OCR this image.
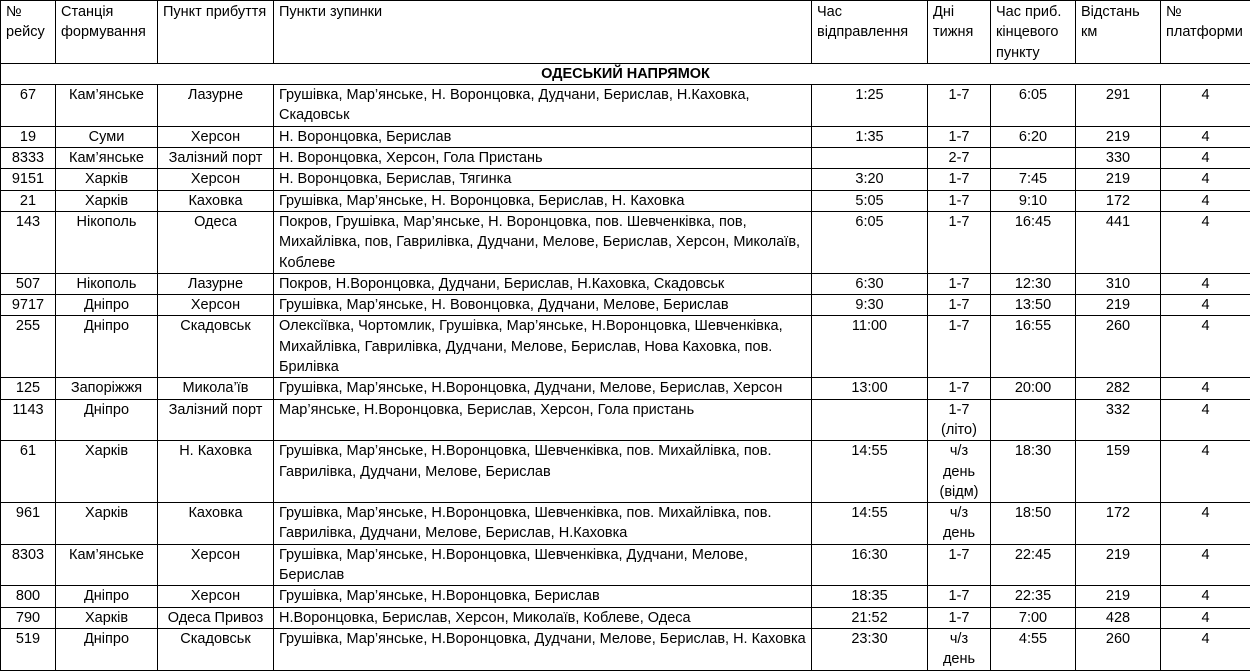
№ рейсу	Станція формування	Пункт прибуття	Пункти зупинки	Час відправлення	Дні тижня	Час приб. кінцевого пункту	Відстань км	№ платформи
ОДЕСЬКИЙ НАПРЯМОК								
67	Кам’янське	Лазурне	Грушівка, Мар’янське, Н. Воронцовка, Дудчани, Берислав, Н.Каховка, Скадовськ	1:25	1-7	6:05	291	4
19	Суми	Херсон	Н. Воронцовка, Берислав	1:35	1-7	6:20	219	4
8333	Кам’янське	Залізний порт	Н. Воронцовка, Херсон, Гола Пристань		2-7		330	4
9151	Харків	Херсон	Н. Воронцовка, Берислав, Тягинка	3:20	1-7	7:45	219	4
21	Харків	Каховка	Грушівка, Мар’янське, Н. Воронцовка, Берислав, Н. Каховка	5:05	1-7	9:10	172	4
143	Нікополь	Одеса	Покров, Грушівка, Мар’янське, Н. Воронцовка, пов. Шевченківка, пов, Михайлівка, пов, Гаврилівка, Дудчани, Мелове, Берислав, Херсон, Миколаїв, Коблеве	6:05	1-7	16:45	441	4
507	Нікополь	Лазурне	Покров, Н.Воронцовка, Дудчани, Берислав, Н.Каховка, Скадовськ	6:30	1-7	12:30	310	4
9717	Дніпро	Херсон	Грушівка, Мар’янське, Н. Вовонцовка, Дудчани, Мелове, Берислав	9:30	1-7	13:50	219	4
255	Дніпро	Скадовськ	Олексіївка, Чортомлик, Грушівка, Мар’янське, Н.Воронцовка, Шевченківка, Михайлівка, Гаврилівка, Дудчани, Мелове, Берислав, Нова Каховка, пов. Брилівка	11:00	1-7	16:55	260	4
125	Запоріжжя	Микола’їв	Грушівка, Мар’янське, Н.Воронцовка, Дудчани, Мелове, Берислав, Херсон	13:00	1-7	20:00	282	4
1143	Дніпро	Залізний порт	Мар’янське, Н.Воронцовка, Берислав, Херсон, Гола пристань		1-7 (літо)		332	4
61	Харків	Н. Каховка	Грушівка, Мар’янське, Н.Воронцовка, Шевченківка, пов. Михайлівка, пов. Гаврилівка, Дудчани, Мелове, Берислав	14:55	ч/з день (відм)	18:30	159	4
961	Харків	Каховка	Грушівка, Мар’янське, Н.Воронцовка, Шевченківка, пов. Михайлівка, пов. Гаврилівка, Дудчани, Мелове, Берислав, Н.Каховка	14:55	ч/з день	18:50	172	4
8303	Кам’янське	Херсон	Грушівка, Мар’янське, Н.Воронцовка, Шевченківка, Дудчани, Мелове, Берислав	16:30	1-7	22:45	219	4
800	Дніпро	Херсон	Грушівка, Мар’янське, Н.Воронцовка, Берислав	18:35	1-7	22:35	219	4
790	Харків	Одеса Привоз	Н.Воронцовка, Берислав, Херсон, Миколаїв, Коблеве, Одеса	21:52	1-7	7:00	428	4
519	Дніпро	Скадовськ	Грушівка, Мар’янське, Н.Воронцовка, Дудчани, Мелове, Берислав, Н. Каховка	23:30	ч/з день	4:55	260	4
